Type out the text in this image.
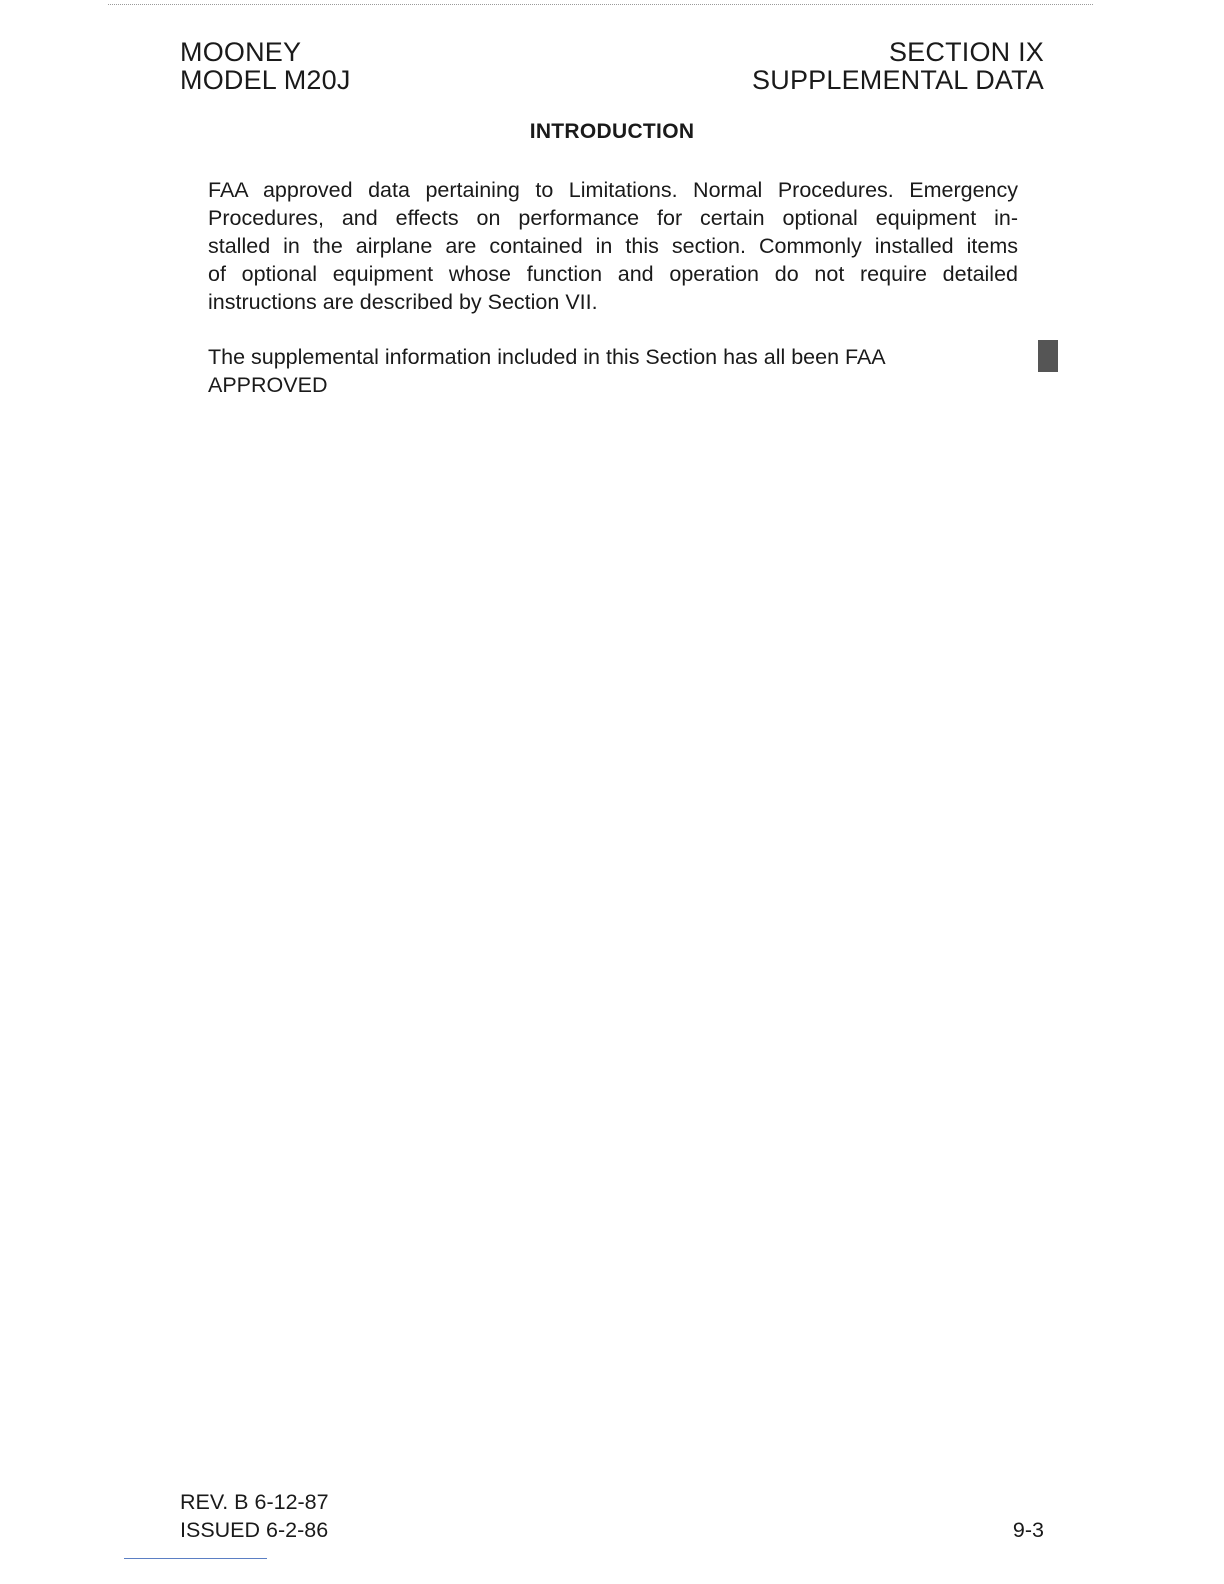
MOONEY
MODEL M20J
SECTION IX
SUPPLEMENTAL DATA
INTRODUCTION
FAA approved data pertaining to Limitations. Normal Procedures. Emergency
Procedures, and effects on performance for certain optional equipment in-
stalled in the airplane are contained in this section. Commonly installed items
of optional equipment whose function and operation do not require detailed
instructions are described by Section VII.
The supplemental information included in this Section has all been FAA
APPROVED
REV. B 6-12-87
ISSUED 6-2-86	9-3
